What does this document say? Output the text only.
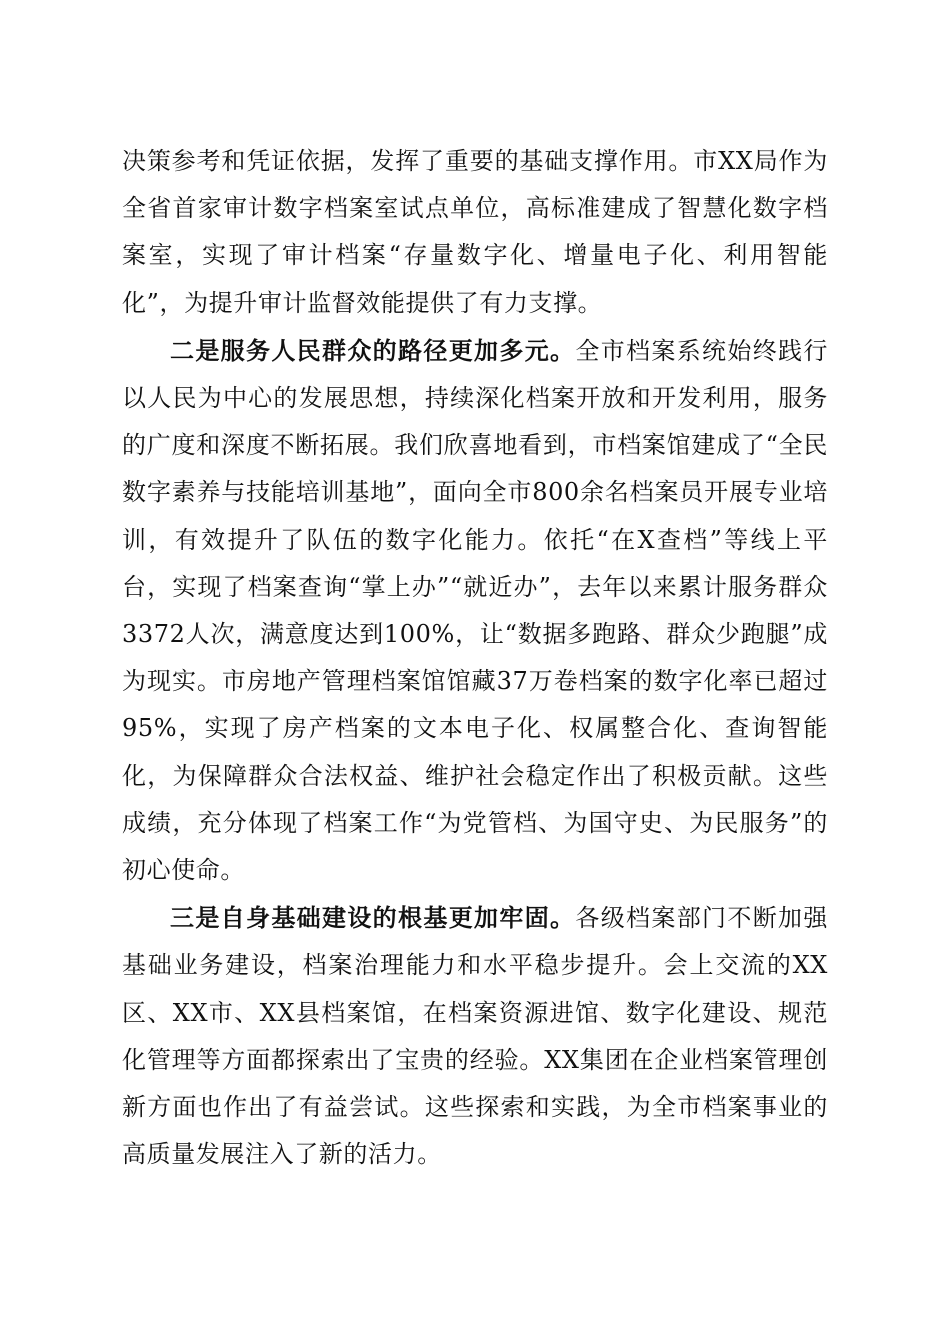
决策参考和凭证依据，发挥了重要的基础支撑作用。市XX局作为全省首家审计数字档案室试点单位，高标准建成了智慧化数字档案室，实现了审计档案“存量数字化、增量电子化、利用智能化”，为提升审计监督效能提供了有力支撑。

二是服务人民群众的路径更加多元。全市档案系统始终践行以人民为中心的发展思想，持续深化档案开放和开发利用，服务的广度和深度不断拓展。我们欣喜地看到，市档案馆建成了“全民数字素养与技能培训基地”，面向全市800余名档案员开展专业培训，有效提升了队伍的数字化能力。依托“在X查档”等线上平台，实现了档案查询“掌上办”“就近办”，去年以来累计服务群众3372人次，满意度达到100%，让“数据多跑路、群众少跑腿”成为现实。市房地产管理档案馆馆藏37万卷档案的数字化率已超过95%，实现了房产档案的文本电子化、权属整合化、查询智能化，为保障群众合法权益、维护社会稳定作出了积极贡献。这些成绩，充分体现了档案工作“为党管档、为国守史、为民服务”的初心使命。

三是自身基础建设的根基更加牢固。各级档案部门不断加强基础业务建设，档案治理能力和水平稳步提升。会上交流的XX区、XX市、XX县档案馆，在档案资源进馆、数字化建设、规范化管理等方面都探索出了宝贵的经验。XX集团在企业档案管理创新方面也作出了有益尝试。这些探索和实践，为全市档案事业的高质量发展注入了新的活力。
